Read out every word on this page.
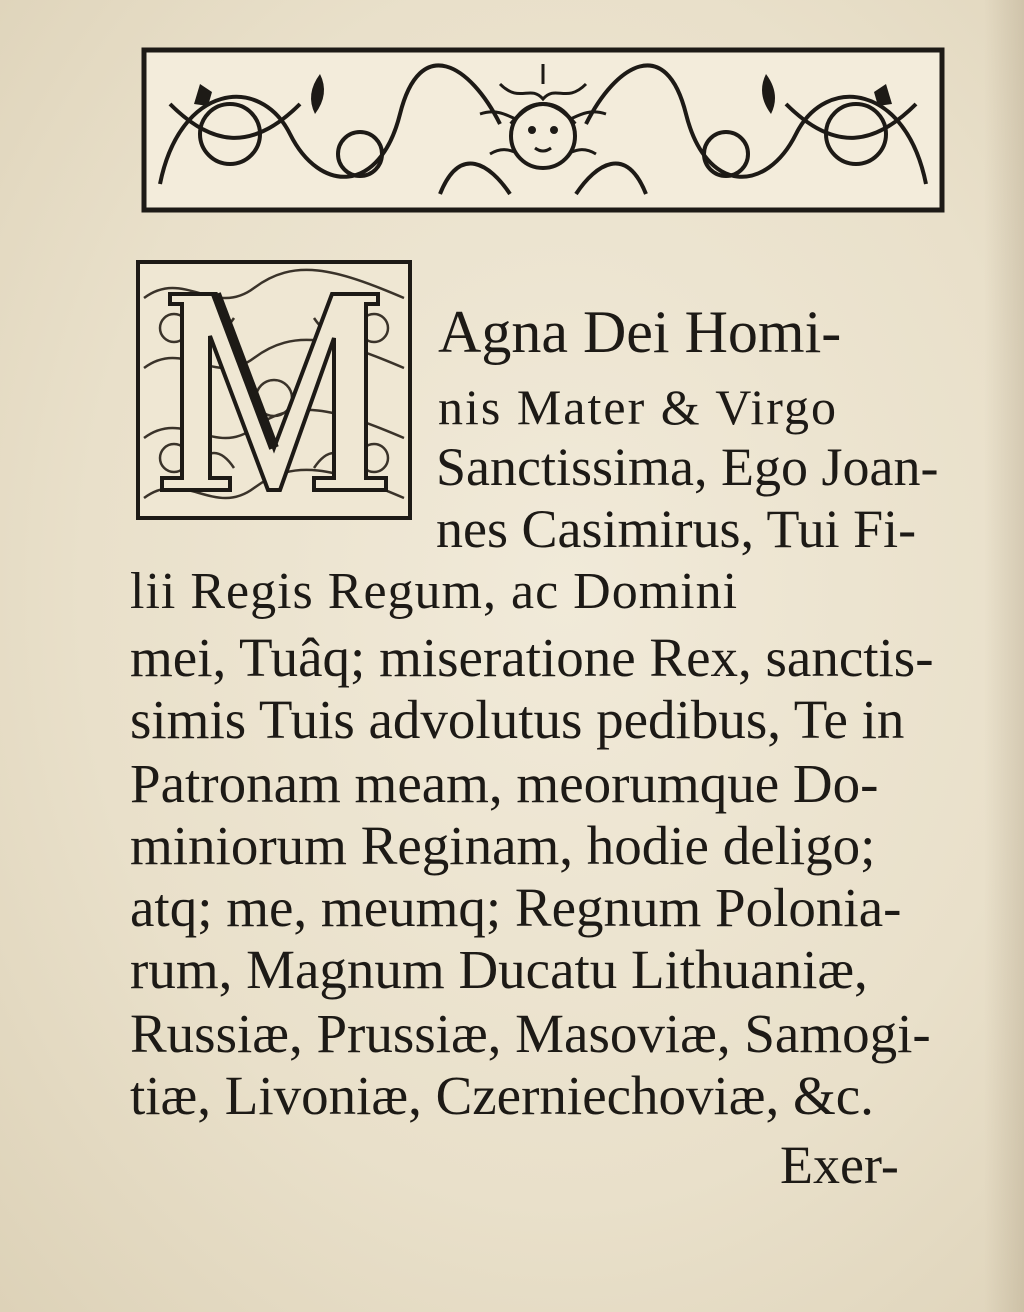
Agna Dei Homi-
nis Mater & Virgo
Sanctissima, Ego Joan-
nes Casimirus, Tui Fi-
lii Regis Regum, ac Domini
mei, Tuâq; miseratione Rex, sanctis-
simis Tuis advolutus pedibus, Te in
Patronam meam, meorumque Do-
miniorum Reginam, hodie deligo;
atq; me, meumq; Regnum Polonia-
rum, Magnum Ducatu Lithuaniæ,
Russiæ, Prussiæ, Masoviæ, Samogi-
tiæ, Livoniæ, Czerniechoviæ, &c.
Exer-
